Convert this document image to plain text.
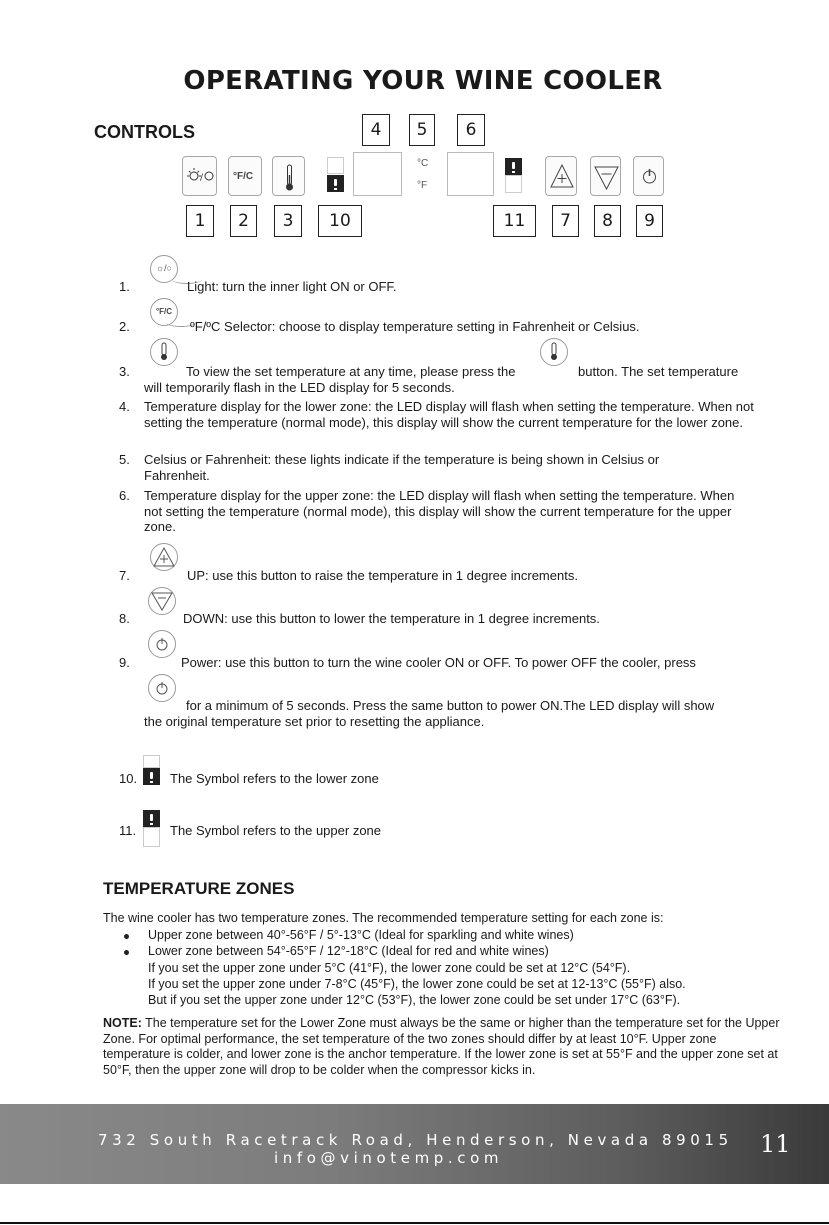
OPERATING YOUR WINE COOLER
CONTROLS	4	5	6
/	°F/C
°C
°F
1	2	3	10	11	7	8	9
☼/○
1.	Light: turn the inner light ON or OFF.
°F/C
2.	ºF/ºC Selector: choose to display temperature setting in Fahrenheit or Celsius.
3.	To view the set temperature at any time, please press the	button. The set temperature
will temporarily flash in the LED display for 5 seconds.
4. Temperature display for the lower zone: the LED display will flash when setting the temperature. When not setting the temperature (normal mode), this display will show the current temperature for the lower zone.
5. Celsius or Fahrenheit: these lights indicate if the temperature is being shown in Celsius or Fahrenheit.
6. Temperature display for the upper zone: the LED display will flash when setting the temperature. When not setting the temperature (normal mode), this display will show the current temperature for the upper zone.
7.	UP: use this button to raise the temperature in 1 degree increments.
8.	DOWN: use this button to lower the temperature in 1 degree increments.
9.	Power: use this button to turn the wine cooler ON or OFF. To power OFF the cooler, press
for a minimum of 5 seconds. Press the same button to power ON.The LED display will show
the original temperature set prior to resetting the appliance.
10.	The Symbol refers to the lower zone
11.	The Symbol refers to the upper zone
TEMPERATURE ZONES
The wine cooler has two temperature zones. The recommended temperature setting for each zone is:
Upper zone between 40°-56°F / 5°-13°C (Ideal for sparkling and white wines)
Lower zone between 54°-65°F / 12°-18°C (Ideal for red and white wines)
If you set the upper zone under 5°C (41°F), the lower zone could be set at 12°C (54°F).
If you set the upper zone under 7-8°C (45°F), the lower zone could be set at 12-13°C (55°F) also.
But if you set the upper zone under 12°C (53°F), the lower zone could be set under 17°C (63°F).
NOTE: The temperature set for the Lower Zone must always be the same or higher than the temperature set for the Upper Zone. For optimal performance, the set temperature of the two zones should differ by at least 10°F. Upper zone temperature is colder, and lower zone is the anchor temperature. If the lower zone is set at 55°F and the upper zone set at 50°F, then the upper zone will drop to be colder when the compressor kicks in.
732 South Racetrack Road, Henderson, Nevada 89015
info@vinotemp.com	11
